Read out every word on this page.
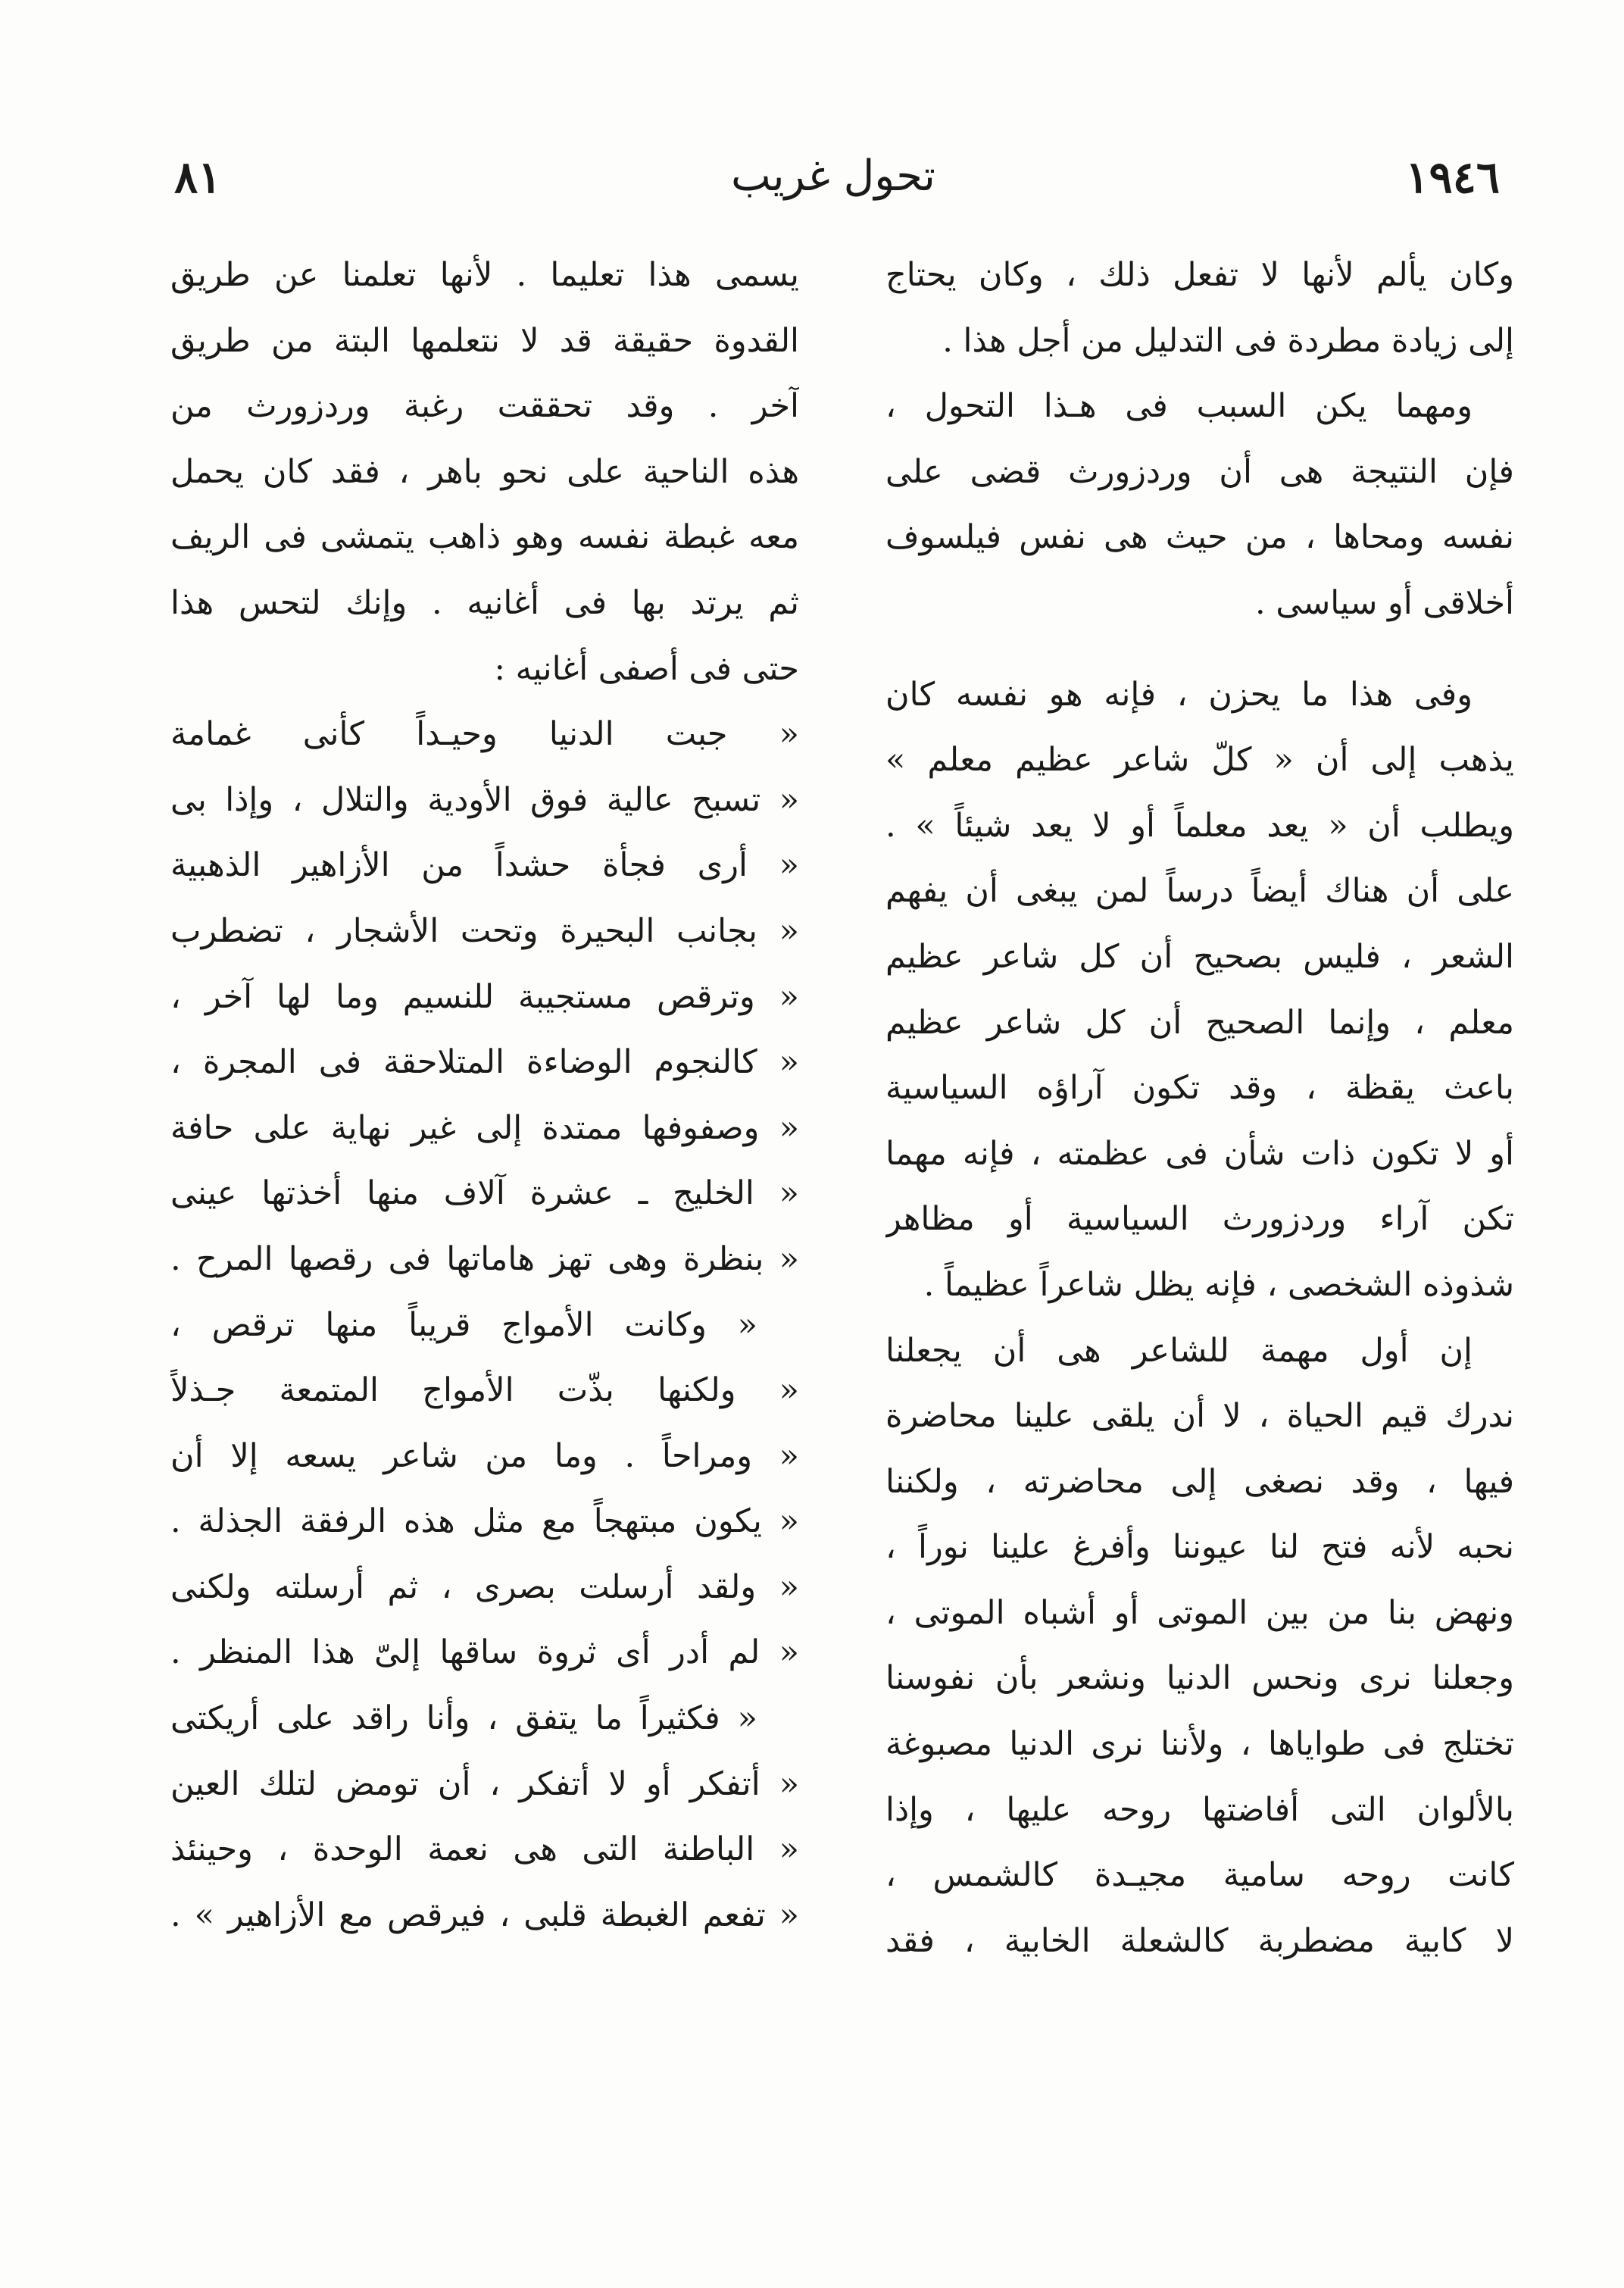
١٩٤٦
تحول غريب
٨١
وكان يألم لأنها لا تفعل ذلك ، وكان يحتاج
إلى زيادة مطردة فى التدليل من أجل هذا .
ومهما يكن السبب فى هـذا التحول ،
فإن النتيجة هى أن وردزورث قضى على
نفسه ومحاها ، من حيث هى نفس فيلسوف
أخلاقى أو سياسى .
وفى هذا ما يحزن ، فإنه هو نفسه كان
يذهب إلى أن « كلّ شاعر عظيم معلم »
ويطلب أن « يعد معلماً أو لا يعد شيئاً » .
على أن هناك أيضاً درساً لمن يبغى أن يفهم
الشعر ، فليس بصحيح أن كل شاعر عظيم
معلم ، وإنما الصحيح أن كل شاعر عظيم
باعث يقظة ، وقد تكون آراؤه السياسية
أو لا تكون ذات شأن فى عظمته ، فإنه مهما
تكن آراء وردزورث السياسية أو مظاهر
شذوذه الشخصى ، فإنه يظل شاعراً عظيماً .
إن أول مهمة للشاعر هى أن يجعلنا
ندرك قيم الحياة ، لا أن يلقى علينا محاضرة
فيها ، وقد نصغى إلى محاضرته ، ولكننا
نحبه لأنه فتح لنا عيوننا وأفرغ علينا نوراً ،
ونهض بنا من بين الموتى أو أشباه الموتى ،
وجعلنا نرى ونحس الدنيا ونشعر بأن نفوسنا
تختلج فى طواياها ، ولأننا نرى الدنيا مصبوغة
بالألوان التى أفاضتها روحه عليها ، وإذا
كانت روحه سامية مجيـدة كالشمس ،
لا كابية مضطربة كالشعلة الخابية ، فقد
يسمى هذا تعليما . لأنها تعلمنا عن طريق
القدوة حقيقة قد لا نتعلمها البتة من طريق
آخر . وقد تحققت رغبة وردزورث من
هذه الناحية على نحو باهر ، فقد كان يحمل
معه غبطة نفسه وهو ذاهب يتمشى فى الريف
ثم يرتد بها فى أغانيه . وإنك لتحس هذا
حتى فى أصفى أغانيه :
« جبت الدنيا وحيـداً كأنى غمامة
« تسبح عالية فوق الأودية والتلال ، وإذا بى
« أرى فجأة حشداً من الأزاهير الذهبية
« بجانب البحيرة وتحت الأشجار ، تضطرب
« وترقص مستجيبة للنسيم وما لها آخر ،
« كالنجوم الوضاءة المتلاحقة فى المجرة ،
« وصفوفها ممتدة إلى غير نهاية على حافة
« الخليج ـ عشرة آلاف منها أخذتها عينى
« بنظرة وهى تهز هاماتها فى رقصها المرح .
« وكانت الأمواج قريباً منها ترقص ،
« ولكنها بذّت الأمواج المتمعة جـذلاً
« ومراحاً . وما من شاعر يسعه إلا أن
« يكون مبتهجاً مع مثل هذه الرفقة الجذلة .
« ولقد أرسلت بصرى ، ثم أرسلته ولكنى
« لم أدر أى ثروة ساقها إلىّ هذا المنظر .
« فكثيراً ما يتفق ، وأنا راقد على أريكتى
« أتفكر أو لا أتفكر ، أن تومض لتلك العين
« الباطنة التى هى نعمة الوحدة ، وحينئذ
« تفعم الغبطة قلبى ، فيرقص مع الأزاهير » .
